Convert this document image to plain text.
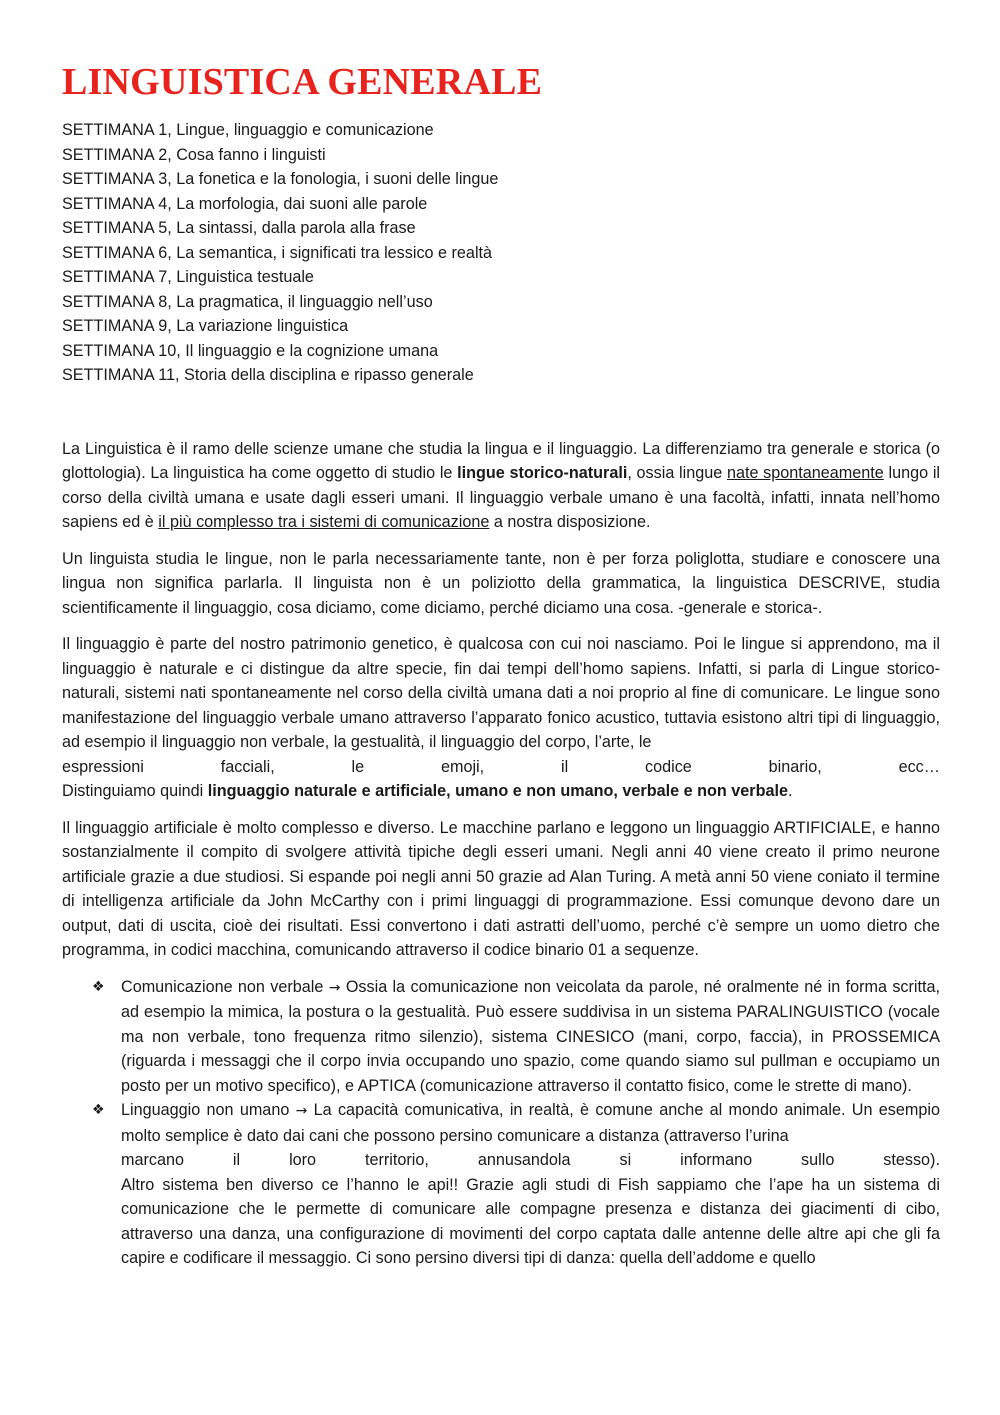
LINGUISTICA GENERALE
SETTIMANA 1, Lingue, linguaggio e comunicazione
SETTIMANA 2, Cosa fanno i linguisti
SETTIMANA 3, La fonetica e la fonologia, i suoni delle lingue
SETTIMANA 4, La morfologia, dai suoni alle parole
SETTIMANA 5, La sintassi, dalla parola alla frase
SETTIMANA 6, La semantica, i significati tra lessico e realtà
SETTIMANA 7, Linguistica testuale
SETTIMANA 8, La pragmatica, il linguaggio nell’uso
SETTIMANA 9, La variazione linguistica
SETTIMANA 10, Il linguaggio e la cognizione umana
SETTIMANA 11, Storia della disciplina e ripasso generale

La Linguistica è il ramo delle scienze umane che studia la lingua e il linguaggio. La differenziamo tra generale e storica (o glottologia). La linguistica ha come oggetto di studio le lingue storico-naturali, ossia lingue nate spontaneamente lungo il corso della civiltà umana e usate dagli esseri umani. Il linguaggio verbale umano è una facoltà, infatti, innata nell’homo sapiens ed è il più complesso tra i sistemi di comunicazione a nostra disposizione.

Un linguista studia le lingue, non le parla necessariamente tante, non è per forza poliglotta, studiare e conoscere una lingua non significa parlarla. Il linguista non è un poliziotto della grammatica, la linguistica DESCRIVE, studia scientificamente il linguaggio, cosa diciamo, come diciamo, perché diciamo una cosa. -generale e storica-.

Il linguaggio è parte del nostro patrimonio genetico, è qualcosa con cui noi nasciamo. Poi le lingue si apprendono, ma il linguaggio è naturale e ci distingue da altre specie, fin dai tempi dell’homo sapiens. Infatti, si parla di Lingue storico-naturali, sistemi nati spontaneamente nel corso della civiltà umana dati a noi proprio al fine di comunicare. Le lingue sono manifestazione del linguaggio verbale umano attraverso l’apparato fonico acustico, tuttavia esistono altri tipi di linguaggio, ad esempio il linguaggio non verbale, la gestualità, il linguaggio del corpo, l’arte, le
espressioni	facciali,	le	emoji,	il	codice	binario,	ecc…
Distinguiamo quindi linguaggio naturale e artificiale, umano e non umano, verbale e non verbale.

Il linguaggio artificiale è molto complesso e diverso. Le macchine parlano e leggono un linguaggio ARTIFICIALE, e hanno sostanzialmente il compito di svolgere attività tipiche degli esseri umani. Negli anni 40 viene creato il primo neurone artificiale grazie a due studiosi. Si espande poi negli anni 50 grazie ad Alan Turing. A metà anni 50 viene coniato il termine di intelligenza artificiale da John McCarthy con i primi linguaggi di programmazione. Essi comunque devono dare un output, dati di uscita, cioè dei risultati. Essi convertono i dati astratti dell’uomo, perché c’è sempre un uomo dietro che programma, in codici macchina, comunicando attraverso il codice binario 01 a sequenze.

❖ Comunicazione non verbale → Ossia la comunicazione non veicolata da parole, né oralmente né in forma scritta, ad esempio la mimica, la postura o la gestualità. Può essere suddivisa in un sistema PARALINGUISTICO (vocale ma non verbale, tono frequenza ritmo silenzio), sistema CINESICO (mani, corpo, faccia), in PROSSEMICA (riguarda i messaggi che il corpo invia occupando uno spazio, come quando siamo sul pullman e occupiamo un posto per un motivo specifico), e APTICA (comunicazione attraverso il contatto fisico, come le strette di mano).
❖ Linguaggio non umano → La capacità comunicativa, in realtà, è comune anche al mondo animale. Un esempio molto semplice è dato dai cani che possono persino comunicare a distanza (attraverso l’urina
marcano	il	loro	territorio,	annusandola	si	informano	sullo	stesso).
Altro sistema ben diverso ce l’hanno le api!! Grazie agli studi di Fish sappiamo che l’ape ha un sistema di comunicazione che le permette di comunicare alle compagne presenza e distanza dei giacimenti di cibo, attraverso una danza, una configurazione di movimenti del corpo captata dalle antenne delle altre api che gli fa capire e codificare il messaggio. Ci sono persino diversi tipi di danza: quella dell’addome e quello
